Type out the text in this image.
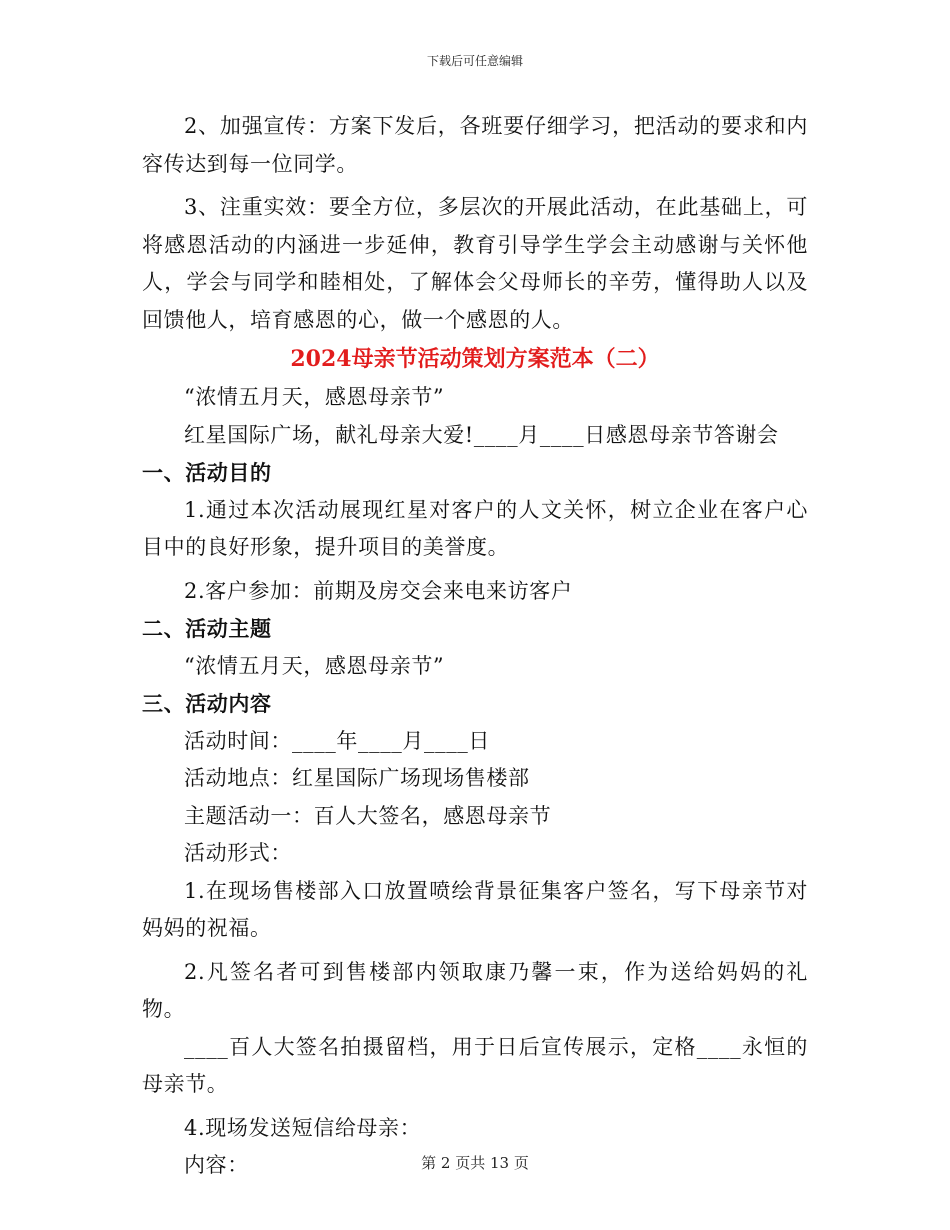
下载后可任意编辑

2、加强宣传：方案下发后，各班要仔细学习，把活动的要求和内容传达到每一位同学。

3、注重实效：要全方位，多层次的开展此活动，在此基础上，可将感恩活动的内涵进一步延伸，教育引导学生学会主动感谢与关怀他人，学会与同学和睦相处，了解体会父母师长的辛劳，懂得助人以及回馈他人，培育感恩的心，做一个感恩的人。

2024母亲节活动策划方案范本（二）

“浓情五月天，感恩母亲节”

红星国际广场，献礼母亲大爱!____月____日感恩母亲节答谢会

一、活动目的

1.通过本次活动展现红星对客户的人文关怀，树立企业在客户心目中的良好形象，提升项目的美誉度。

2.客户参加：前期及房交会来电来访客户

二、活动主题

“浓情五月天，感恩母亲节”

三、活动内容

活动时间：____年____月____日

活动地点：红星国际广场现场售楼部

主题活动一：百人大签名，感恩母亲节

活动形式：

1.在现场售楼部入口放置喷绘背景征集客户签名，写下母亲节对妈妈的祝福。

2.凡签名者可到售楼部内领取康乃馨一束，作为送给妈妈的礼物。

____百人大签名拍摄留档，用于日后宣传展示，定格____永恒的母亲节。

4.现场发送短信给母亲：

内容：	第 2 页共 13 页
